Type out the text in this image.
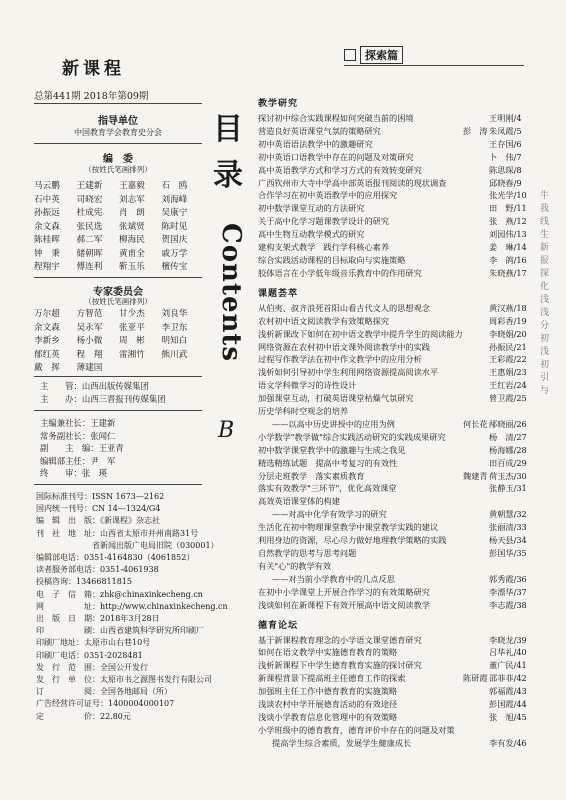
新课程
总第441期 2018年第09期
指导单位
中国教育学会教育史分会
编　委
（按姓氏笔画排列）
马云鹏	王建新	王嘉毅	石　鸥
石中英	司晓宏	刘志军	刘海峰
孙振远	杜成宪	肖　朗	吴康宁
余文森	张民选	张斌贤	陈时见
陈桂晖	郝二军	柳海民	贺国庆
钟　秉	储朝晖	黄甫全	戚万学
程翔宇	傅连利	靳玉乐	檀传宝
专家委员会
（按姓氏笔画排列）
万尔超	方智范	甘少杰	刘良华
余文森	吴永军	张亚平	李卫东
李新乡	杨小微	周　彬	明知白
郁红英	程　翔	雷湘竹	熊川武
戴　挥	薄建国
主　　管：山西出版传媒集团
主　　办：山西三晋报刊传媒集团
主编兼社长：王建新
常务副社长：张闻仁
副　　主　编：王亚青
编辑部主任：尹　军
终　　审：张　瑛
国际标准刊号：ISSN 1673—2162
国内统一刊号：CN 14—1324/G4
编　辑　出　版：《新课程》杂志社
刊　社　地　址：山西省太原市并州南路31号
　　　　　　　省新闻出版广电局旧院（030001）
编辑部电话：0351-4164830（4061852）
读者服务部电话：0351-4061938
投稿咨询：13466811815
电　子　信　箱：zhk@chinaxinkecheng.cn
网　　　　　址：http://www.chinaxinkecheng.cn
出　版　日　期：2018年3月28日
印　　　　　刷：山西省建筑科学研究所印刷厂
印刷厂地址：太原市山右巷10号
印刷厂电话：0351-2028481
发　行　范　围：全国公开发行
发　行　单　位：太原市书之源图书发行有限公司
订　　　　　阅：全国各地邮局（所）
广告经营许可证号：1400004000107
定　　　　　价：22.80元
目
录
Contents
B
探索篇
教学研究
探讨初中综合实践课程如何突破当前的困境	王明刚/4
营造良好英语课堂气氛的策略研究	彭　涛 朱凤霞/5
初中英语语法教学中的激趣研究	王存国/6
初中英语口语教学中存在的问题及对策研究	卜　伟/7
高中英语教学方式和学习方式的有效转变研究	陈思琛/8
广西钦州市大寺中学高中部英语报刊阅读的现状调查	邱晓春/9
合作学习在初中英语教学中的应用探究	张光学/10
初中数学课堂互动的方法研究	田　野/11
关于高中化学习题课教学设计的研究	张　燕/12
高中生物互动教学模式的研究	刘园伟/13
建构支架式教学　践行学科核心素养	姜　琳/14
综合实践活动课程的目标取向与实施策略	李　鸽/16
胶体语言在小学低年级音乐教育中的作用研究	朱晓燕/17
课题荟萃
从伯夷、叔齐浪死首阳山看古代文人的思想观念	黄汉燕/18
农村初中语文阅读教学有效策略探究	周彩香/19
浅析新课改下如何在初中语文教学中提升学生的阅读能力	李晓娟/20
网络资源在农村初中语文课外阅读教学中的实践	孙振民/21
过程写作教学法在初中作文教学中的应用分析	王彩霞/22
浅析如何引导初中学生利用网络资源提高阅读水平	王惠娟/23
语文学科微学习的诗性设计	王红岩/24
加强课堂互动，打破英语课堂枯燥气氛研究	曾卫霞/25
历史学科时空观念的培养
——以高中历史讲授中的应用为例	何长花 邴晓丽/26
小学数学"教学做"综合实践活动研究的实践成果研究	杨　清/27
初中数学课堂教学中的激趣与生成之我见	杨海娜/28
精选精练试题　提高中考复习的有效性	田百成/29
分层走班教学　落实素质教育	魏建青 荷玉杰/30
落实有效教学"三环节"，优化高效课堂	张静玉/31
高效英语课堂体的构建
——对高中化学有效学习的研究	黄朝慧/32
生活化在初中物理课堂教学中课堂教学实践的建议	张丽清/33
利用身边的资源，尽心尽力做好地理教学策略的实践	杨天县/34
自然教学的思考与思考问题	彭国华/35
有关"心"的教学有效
——对当前小学教育中的几点反思	郭秀霞/36
在初中小学课堂上开展合作学习的有效策略研究	李漂华/37
浅谈如何在新课程下有效开展高中语文阅读教学	李志霞/38
德育论坛
基于新课程教育理念的小学语文课堂德育研究	李晓龙/39
如何在语文教学中实施德育教育的策略	吕华礼/40
浅析新课程下中学生德育教育实施的探讨研究	董广民/41
新课程背景下提高班主任德育工作的探索	陈研霞 邵菲菲/42
加强班主任工作中德育教育的实施策略	郭福霞/43
浅谈农村中学开展德育活动的有效途径	彭国霞/44
浅谈小学教育信息化管理中的有效策略	张　旭/45
小学班级中的德育教育，德育评价中存在的问题及对策
提高学生综合素质，发展学生健康成长	李有发/46
牛
我
线
生
新
报
探
化
浅
浅
分
初
浅
初
引
与
